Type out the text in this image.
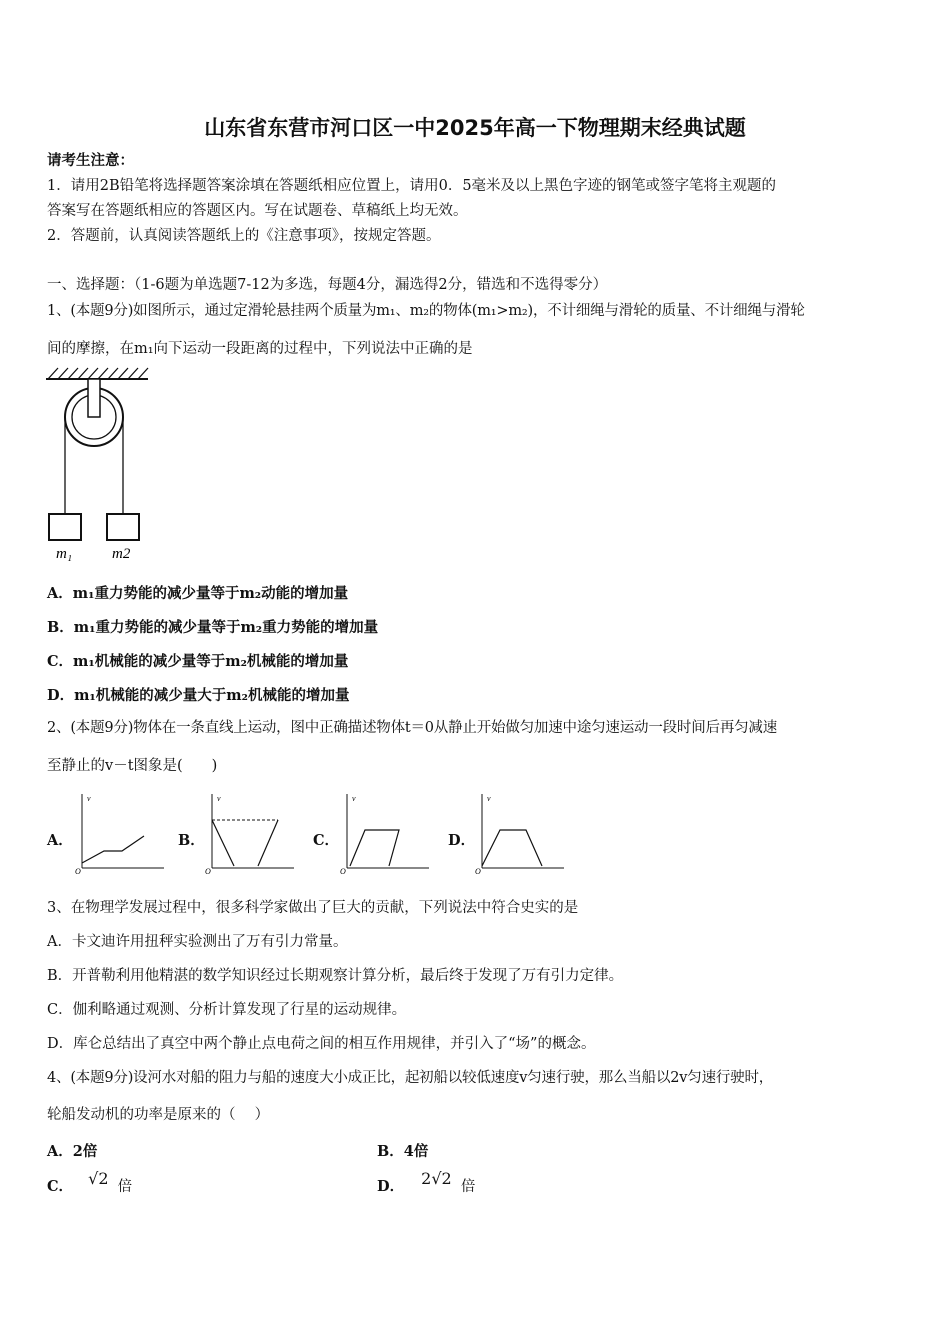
山东省东营市河口区一中2025年高一下物理期末经典试题
请考生注意：
1．请用2B铅笔将选择题答案涂填在答题纸相应位置上，请用0．5毫米及以上黑色字迹的钢笔或签字笔将主观题的
答案写在答题纸相应的答题区内。写在试题卷、草稿纸上均无效。
2．答题前，认真阅读答题纸上的《注意事项》，按规定答题。
一、选择题：（1-6题为单选题7-12为多选，每题4分，漏选得2分，错选和不选得零分）
1、(本题9分)如图所示，通过定滑轮悬挂两个质量为m₁、m₂的物体(m₁>m₂)，不计细绳与滑轮的质量、不计细绳与滑轮
间的摩擦，在m₁向下运动一段距离的过程中，下列说法中正确的是
m₁	m2
A．m₁重力势能的减少量等于m₂动能的增加量
B．m₁重力势能的减少量等于m₂重力势能的增加量
C．m₁机械能的减少量等于m₂机械能的增加量
D．m₁机械能的减少量大于m₂机械能的增加量
2、(本题9分)物体在一条直线上运动，图中正确描述物体t＝0从静止开始做匀加速中途匀速运动一段时间后再匀减速
至静止的v－t图象是(　　)
A．
v
O
B．
v
O
C．
v
O
D．
v
O
3、在物理学发展过程中，很多科学家做出了巨大的贡献，下列说法中符合史实的是
A．卡文迪许用扭秤实验测出了万有引力常量。
B．开普勒利用他精湛的数学知识经过长期观察计算分析，最后终于发现了万有引力定律。
C．伽利略通过观测、分析计算发现了行星的运动规律。
D．库仑总结出了真空中两个静止点电荷之间的相互作用规律，并引入了“场”的概念。
4、(本题9分)设河水对船的阻力与船的速度大小成正比，起初船以较低速度v匀速行驶，那么当船以2v匀速行驶时，
轮船发动机的功率是原来的（　 ）
A．2倍	B．4倍
C． √2 倍	D． 2√2 倍
